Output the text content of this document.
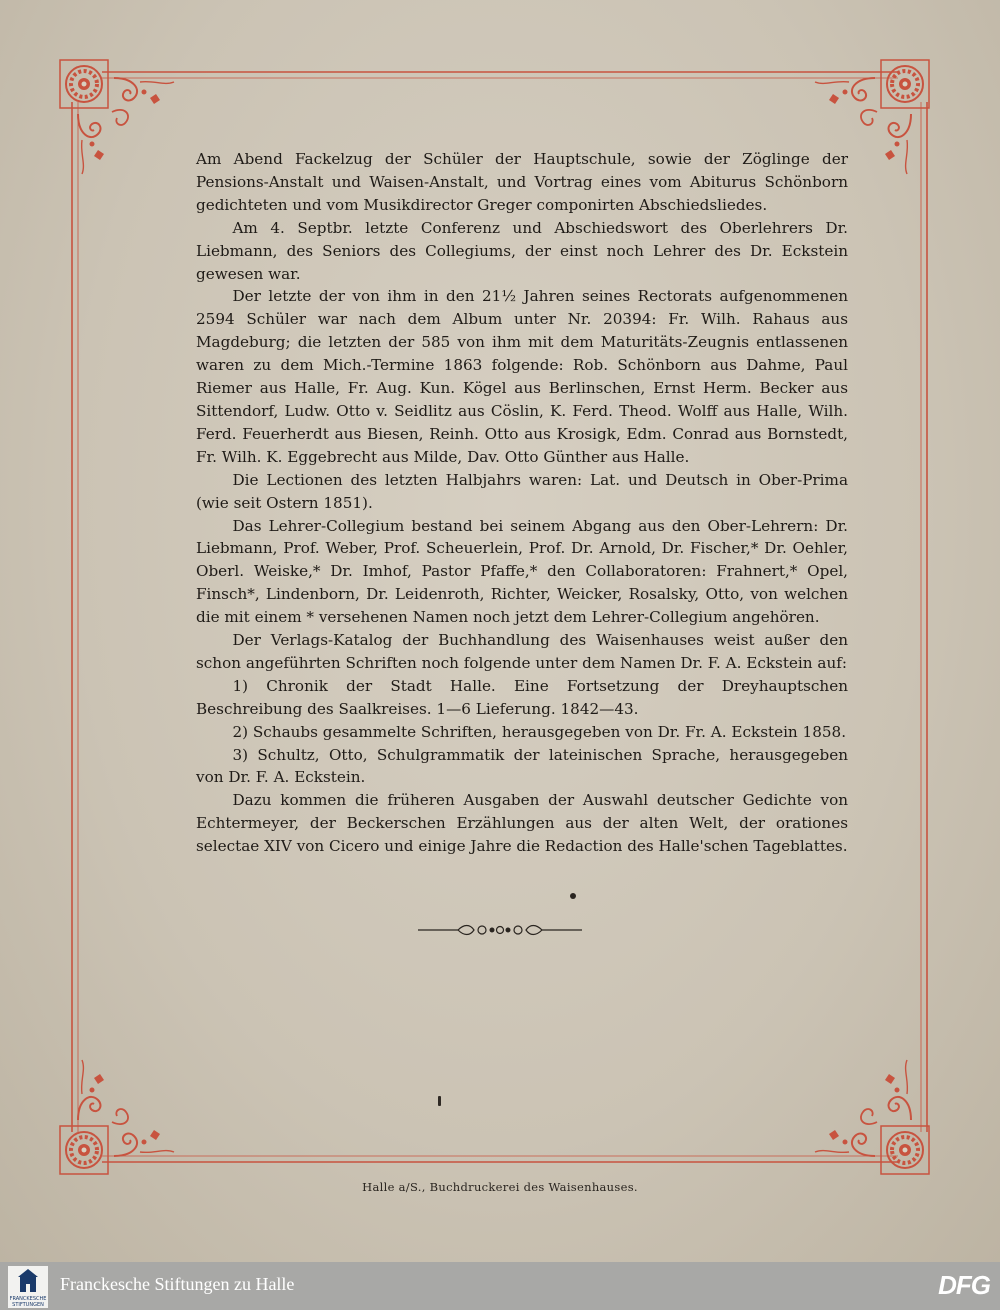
Am Abend Fackelzug der Schüler der Hauptschule, sowie der Zöglinge der Pensions-Anstalt und Waisen-Anstalt, und Vortrag eines vom Abiturus Schönborn gedichteten und vom Musikdirector Greger componirten Abschiedsliedes.

Am 4. Septbr. letzte Conferenz und Abschiedswort des Oberlehrers Dr. Liebmann, des Seniors des Collegiums, der einst noch Lehrer des Dr. Eckstein gewesen war.

Der letzte der von ihm in den 21½ Jahren seines Rectorats aufgenommenen 2594 Schüler war nach dem Album unter Nr. 20394: Fr. Wilh. Rahaus aus Magdeburg; die letzten der 585 von ihm mit dem Maturitäts-Zeugnis entlassenen waren zu dem Mich.-Termine 1863 folgende: Rob. Schönborn aus Dahme, Paul Riemer aus Halle, Fr. Aug. Kun. Kögel aus Berlinschen, Ernst Herm. Becker aus Sittendorf, Ludw. Otto v. Seidlitz aus Cöslin, K. Ferd. Theod. Wolff aus Halle, Wilh. Ferd. Feuerherdt aus Biesen, Reinh. Otto aus Krosigk, Edm. Conrad aus Bornstedt, Fr. Wilh. K. Eggebrecht aus Milde, Dav. Otto Günther aus Halle.

Die Lectionen des letzten Halbjahrs waren: Lat. und Deutsch in Ober-Prima (wie seit Ostern 1851).

Das Lehrer-Collegium bestand bei seinem Abgang aus den Ober-Lehrern: Dr. Liebmann, Prof. Weber, Prof. Scheuerlein, Prof. Dr. Arnold, Dr. Fischer,* Dr. Oehler, Oberl. Weiske,* Dr. Imhof, Pastor Pfaffe,* den Collaboratoren: Frahnert,* Opel, Finsch*, Lindenborn, Dr. Leidenroth, Richter, Weicker, Rosalsky, Otto, von welchen die mit einem * versehenen Namen noch jetzt dem Lehrer-Collegium angehören.

Der Verlags-Katalog der Buchhandlung des Waisenhauses weist außer den schon angeführten Schriften noch folgende unter dem Namen Dr. F. A. Eckstein auf:

1) Chronik der Stadt Halle. Eine Fortsetzung der Dreyhauptschen Beschreibung des Saalkreises. 1—6 Lieferung. 1842—43.

2) Schaubs gesammelte Schriften, herausgegeben von Dr. Fr. A. Eckstein 1858.

3) Schultz, Otto, Schulgrammatik der lateinischen Sprache, herausgegeben von Dr. F. A. Eckstein.

Dazu kommen die früheren Ausgaben der Auswahl deutscher Gedichte von Echtermeyer, der Beckerschen Erzählungen aus der alten Welt, der orationes selectae XIV von Cicero und einige Jahre die Redaction des Halle'schen Tageblattes.

Halle a/S., Buchdruckerei des Waisenhauses.
FRANCKESCHE STIFTUNGEN
Franckesche Stiftungen zu Halle	DFG
